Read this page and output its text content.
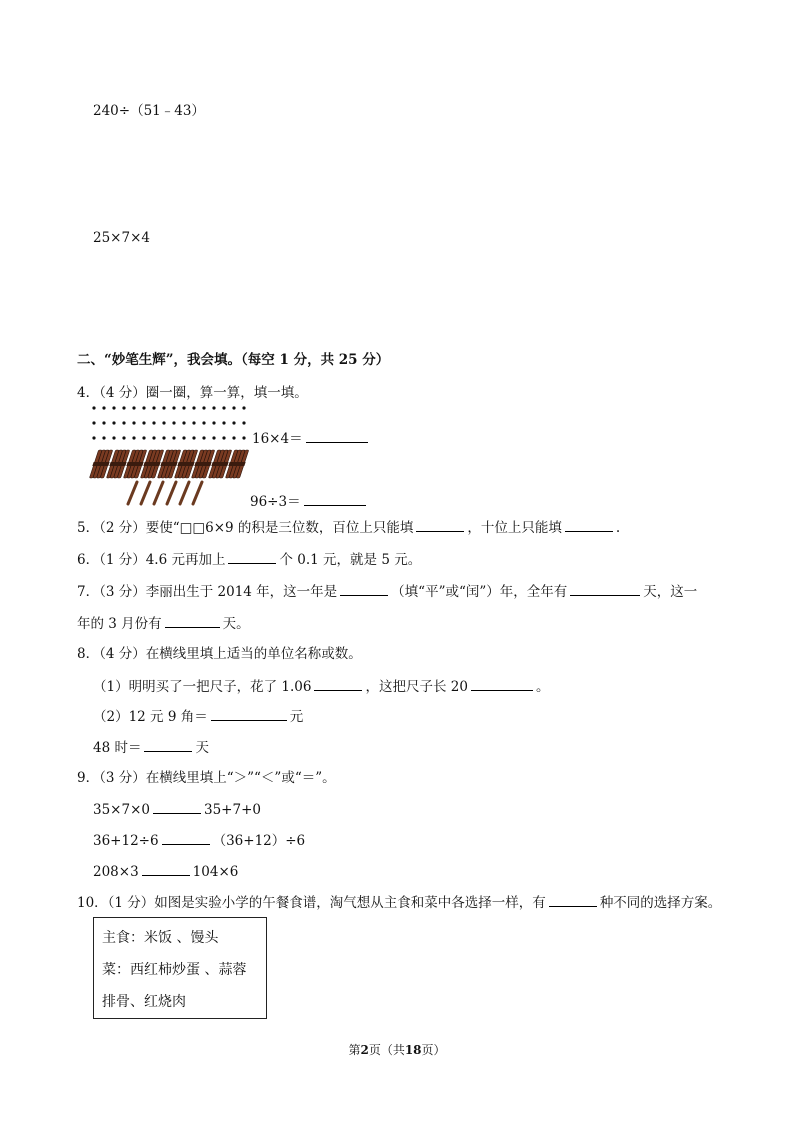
240÷（51﹣43）
25×7×4
二、“妙笔生辉”，我会填。（每空 1 分，共 25 分）
4．（4 分）圈一圈，算一算，填一填。
16×4＝
96÷3＝
5．（2 分）要使“□□6×9 的积是三位数，百位上只能填	，十位上只能填	.
6．（1 分）4.6 元再加上	个 0.1 元，就是 5 元。
7．（3 分）李丽出生于 2014 年，这一年是	（填“平”或“闰”）年，全年有	天，这一
年的 3 月份有	天。
8．（4 分）在横线里填上适当的单位名称或数。
（1）明明买了一把尺子，花了 1.06	，这把尺子长 20	。
（2）12 元 9 角＝	元
48 时＝	天
9．（3 分）在横线里填上“＞”“＜”或“＝”。
35×7×0	35+7+0
36+12÷6	（36+12）÷6
208×3	104×6
10．（1 分）如图是实验小学的午餐食谱，淘气想从主食和菜中各选择一样，有	种不同的选择方案。
主食：米饭 、馒头
菜：西红柿炒蛋 、蒜蓉
排骨、红烧肉
第2页（共18页）
